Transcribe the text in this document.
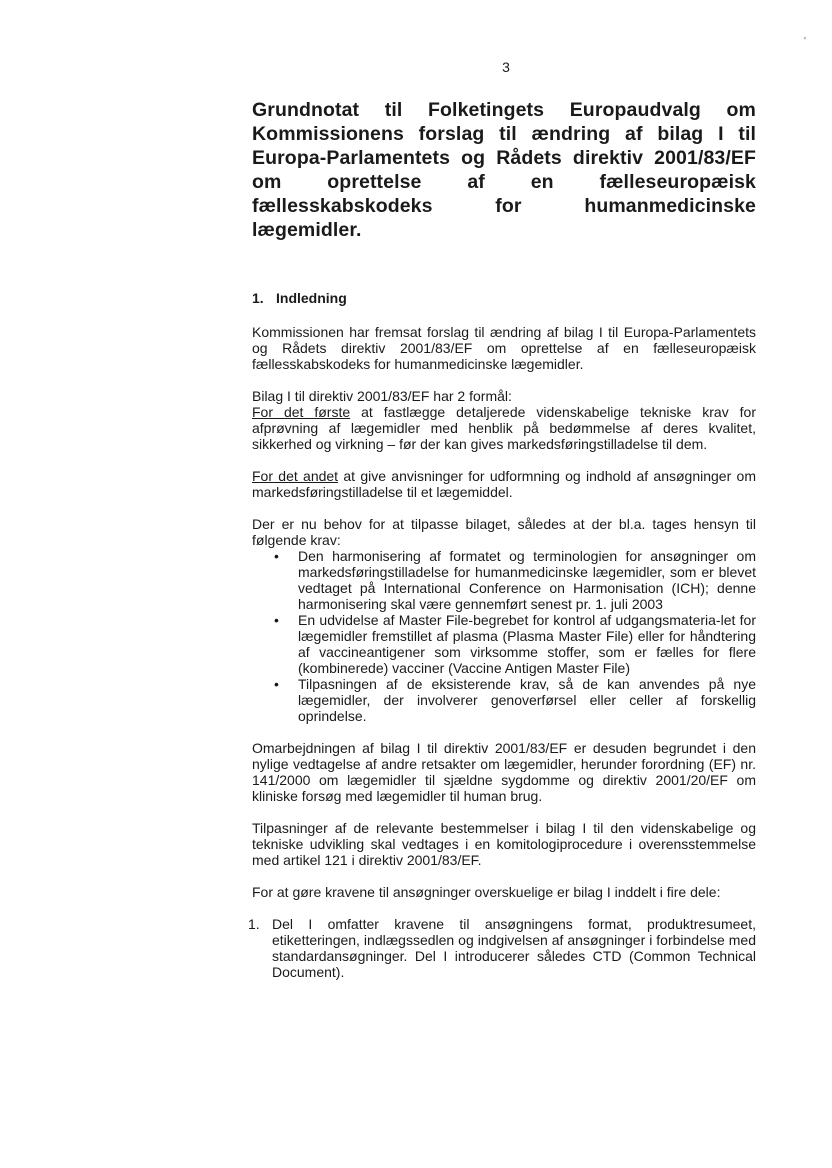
3
'
Grundnotat til Folketingets Europaudvalg om Kommissionens forslag til ændring af bilag I til Europa-Parlamentets og Rådets direktiv 2001/83/EF om oprettelse af en fælleseuropæisk fællesskabskodeks for humanmedicinske lægemidler.
1. Indledning

Kommissionen har fremsat forslag til ændring af bilag I til Europa-Parlamentets og Rådets direktiv 2001/83/EF om oprettelse af en fælleseuropæisk fællesskabskodeks for humanmedicinske lægemidler.

Bilag I til direktiv 2001/83/EF har 2 formål:

For det første at fastlægge detaljerede videnskabelige tekniske krav for afprøvning af lægemidler med henblik på bedømmelse af deres kvalitet, sikkerhed og virkning – før der kan gives markedsføringstilladelse til dem.

For det andet at give anvisninger for udformning og indhold af ansøgninger om markedsføringstilladelse til et lægemiddel.

Der er nu behov for at tilpasse bilaget, således at der bl.a. tages hensyn til følgende krav:

• Den harmonisering af formatet og terminologien for ansøgninger om markedsføringstilladelse for humanmedicinske lægemidler, som er blevet vedtaget på International Conference on Harmonisation (ICH); denne harmonisering skal være gennemført senest pr. 1. juli 2003
• En udvidelse af Master File-begrebet for kontrol af udgangsmateria-let for lægemidler fremstillet af plasma (Plasma Master File) eller for håndtering af vaccineantigener som virksomme stoffer, som er fælles for flere (kombinerede) vacciner (Vaccine Antigen Master File)
• Tilpasningen af de eksisterende krav, så de kan anvendes på nye lægemidler, der involverer genoverførsel eller celler af forskellig oprindelse.

Omarbejdningen af bilag I til direktiv 2001/83/EF er desuden begrundet i den nylige vedtagelse af andre retsakter om lægemidler, herunder forordning (EF) nr. 141/2000 om lægemidler til sjældne sygdomme og direktiv 2001/20/EF om kliniske forsøg med lægemidler til human brug.

Tilpasninger af de relevante bestemmelser i bilag I til den videnskabelige og tekniske udvikling skal vedtages i en komitologiprocedure i overensstemmelse med artikel 121 i direktiv 2001/83/EF.

For at gøre kravene til ansøgninger overskuelige er bilag I inddelt i fire dele:

1. Del I omfatter kravene til ansøgningens format, produktresumeet, etiketteringen, indlægssedlen og indgivelsen af ansøgninger i forbindelse med standardansøgninger. Del I introducerer således CTD (Common Technical Document).
